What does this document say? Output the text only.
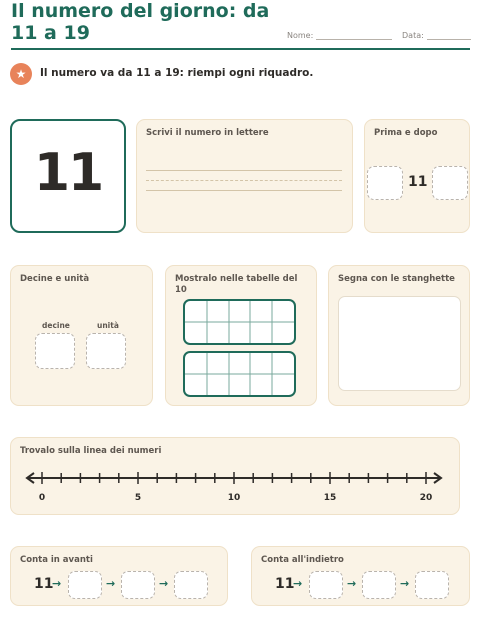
Il numero del giorno: da 11 a 19	Nome:	Data:
★	Il numero va da 11 a 19: riempi ogni riquadro.
11
Scrivi il numero in lettere	Prima e dopo
11
Decine e unità
decine	unità
Mostralo nelle tabelle del 10
Segna con le stanghette
Trovalo sulla linea dei numeri
0	5	10	15	20
Conta in avanti
11
→	→	→
Conta all'indietro
11
→	→	→
